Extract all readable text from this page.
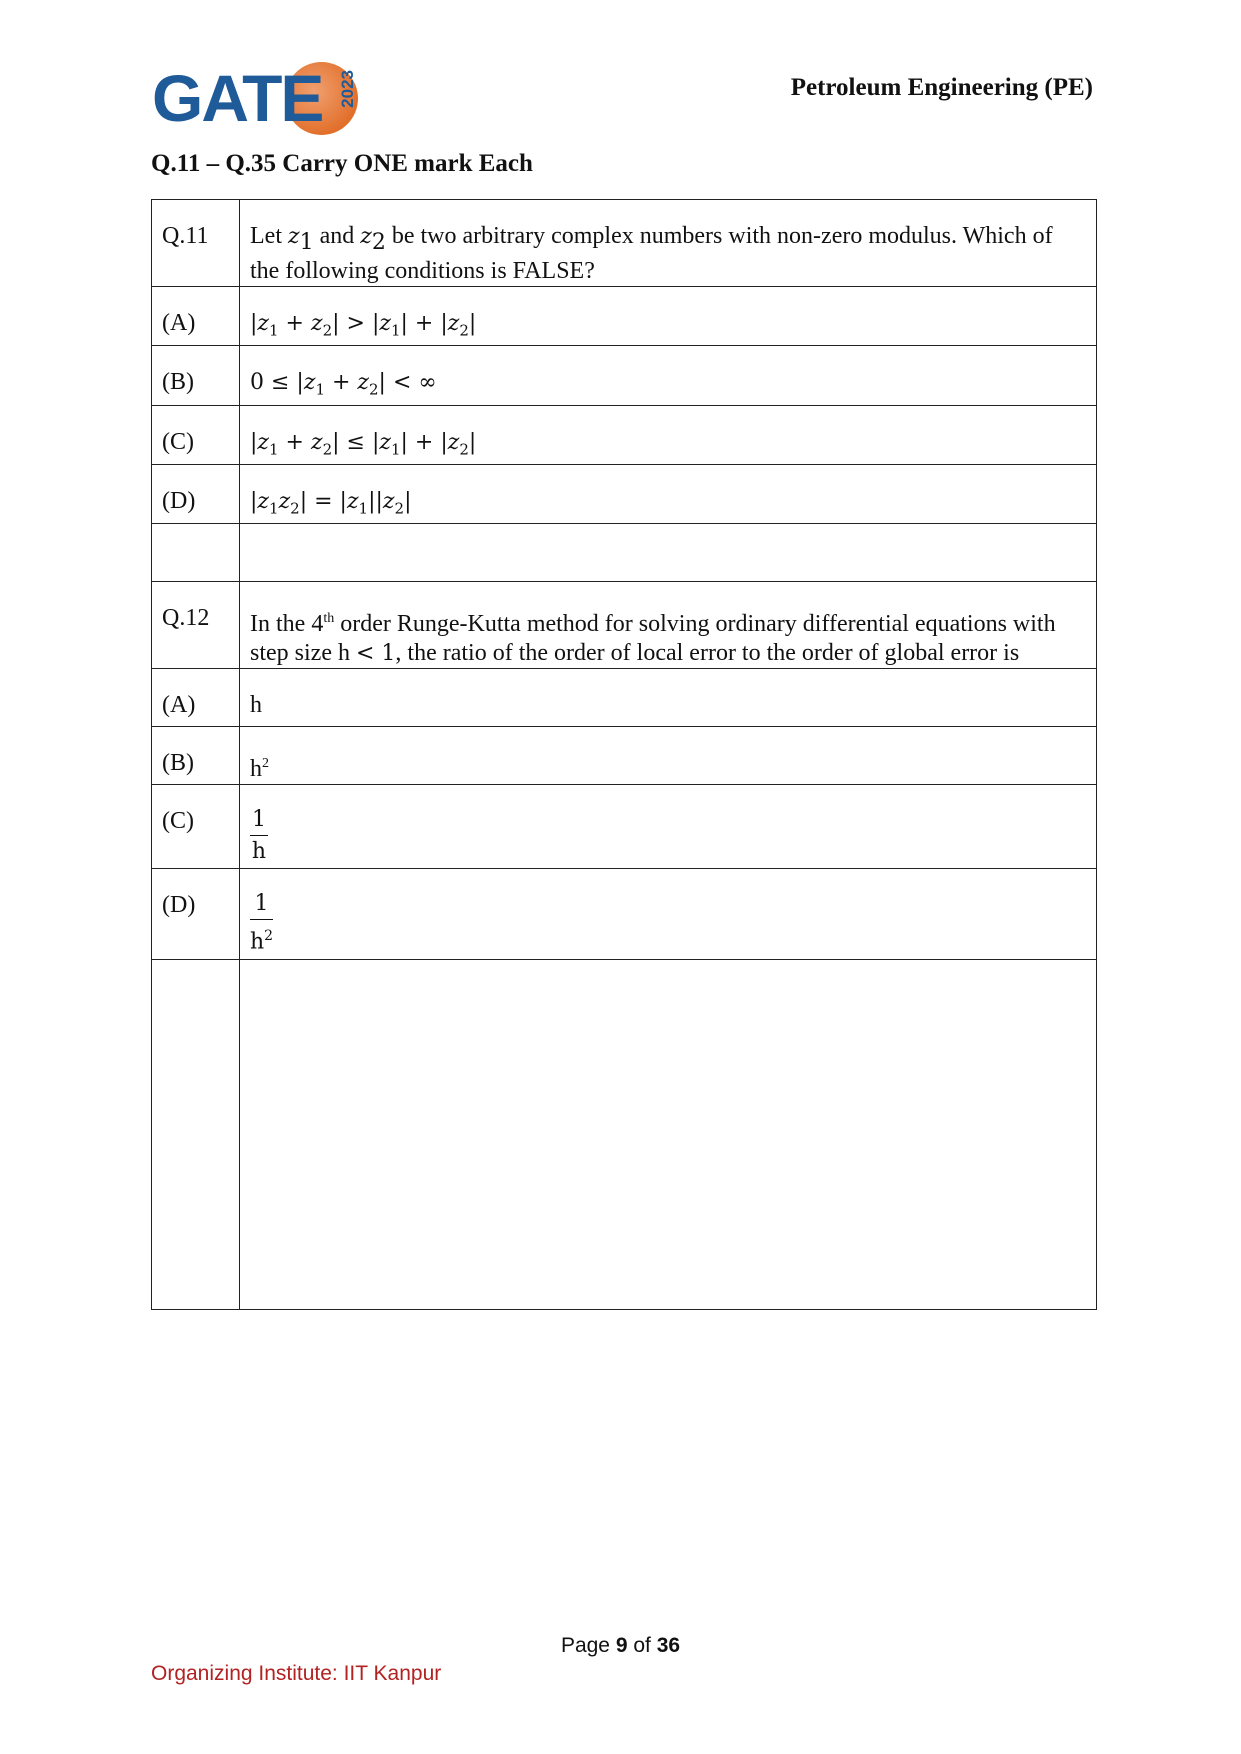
GATE 2023	Petroleum Engineering (PE)
Q.11 – Q.35 Carry ONE mark Each
Q.11	Let $z_1$ and $z_2$ be two arbitrary complex numbers with non-zero modulus. Which of the following conditions is FALSE?
(A)	$|z_1 + z_2| > |z_1| + |z_2|$
(B)	$0 \le |z_1 + z_2|$ < ∞
(C)	$|z_1 + z_2| \le |z_1| + |z_2|$
(D)	$|z_1z_2| = |z_1||z_2|$

Q.12	In the 4th order Runge-Kutta method for solving ordinary differential equations with step size h < 1, the ratio of the order of local error to the order of global error is
(A)	h
(B)	$h^2$
(C)	$\frac{1}{h}$

(D)	$\frac{1}{h^2}$

Page 9 of 36
Organizing Institute: IIT Kanpur
